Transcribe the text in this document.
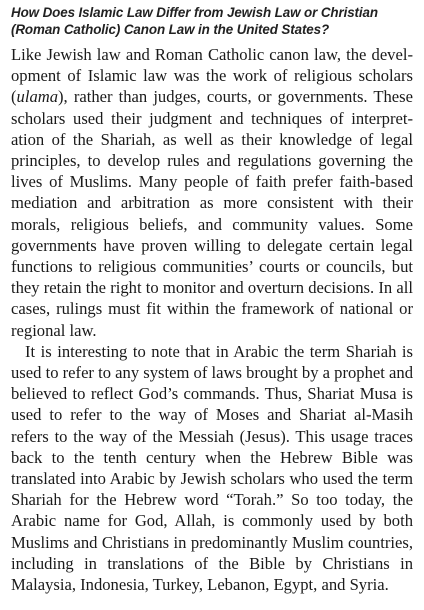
How Does Islamic Law Differ from Jewish Law or Christian
(Roman Catholic) Canon Law in the United States?

Like Jewish law and Roman Catholic canon law, the development of Islamic law was the work of religious scholars (ulama), rather than judges, courts, or governments. These scholars used their judgment and techniques of interpretation of the Shariah, as well as their knowledge of legal principles, to develop rules and regulations governing the lives of Muslims. Many people of faith prefer faith-based mediation and arbitration as more consistent with their morals, religious beliefs, and community values. Some governments have proven willing to delegate certain legal functions to religious communities’ courts or councils, but they retain the right to monitor and overturn decisions. In all cases, rulings must fit within the framework of national or regional law.

It is interesting to note that in Arabic the term Shariah is used to refer to any system of laws brought by a prophet and believed to reflect God’s commands. Thus, Shariat Musa is used to refer to the way of Moses and Shariat al-Masih refers to the way of the Messiah (Jesus). This usage traces back to the tenth century when the Hebrew Bible was translated into Arabic by Jewish scholars who used the term Shariah for the Hebrew word “Torah.” So too today, the Arabic name for God, Allah, is commonly used by both Muslims and Christians in predominantly Muslim countries, including in translations of the Bible by Christians in Malaysia, Indonesia, Turkey, Lebanon, Egypt, and Syria.
